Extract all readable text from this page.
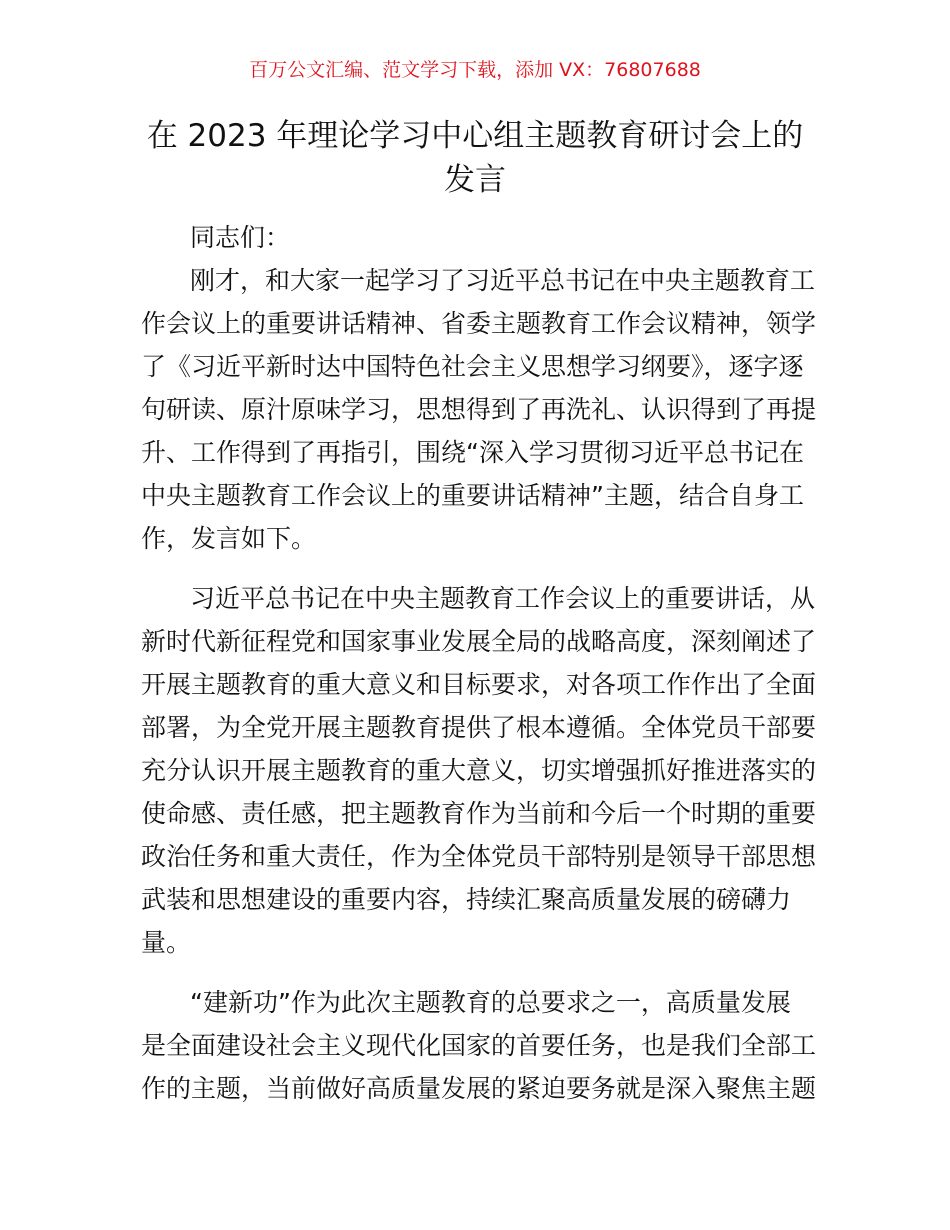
百万公文汇编、范文学习下载，添加 VX：76807688
在 2023 年理论学习中心组主题教育研讨会上的
发言
同志们：
刚才，和大家一起学习了习近平总书记在中央主题教育工
作会议上的重要讲话精神、省委主题教育工作会议精神，领学
了《习近平新时达中国特色社会主义思想学习纲要》，逐字逐
句研读、原汁原味学习，思想得到了再洗礼、认识得到了再提
升、工作得到了再指引，围绕“深入学习贯彻习近平总书记在
中央主题教育工作会议上的重要讲话精神”主题，结合自身工
作，发言如下。
习近平总书记在中央主题教育工作会议上的重要讲话，从
新时代新征程党和国家事业发展全局的战略高度，深刻阐述了
开展主题教育的重大意义和目标要求，对各项工作作出了全面
部署，为全党开展主题教育提供了根本遵循。全体党员干部要
充分认识开展主题教育的重大意义，切实增强抓好推进落实的
使命感、责任感，把主题教育作为当前和今后一个时期的重要
政治任务和重大责任，作为全体党员干部特别是领导干部思想
武装和思想建设的重要内容，持续汇聚高质量发展的磅礴力
量。
“建新功”作为此次主题教育的总要求之一，高质量发展
是全面建设社会主义现代化国家的首要任务，也是我们全部工
作的主题，当前做好高质量发展的紧迫要务就是深入聚焦主题
